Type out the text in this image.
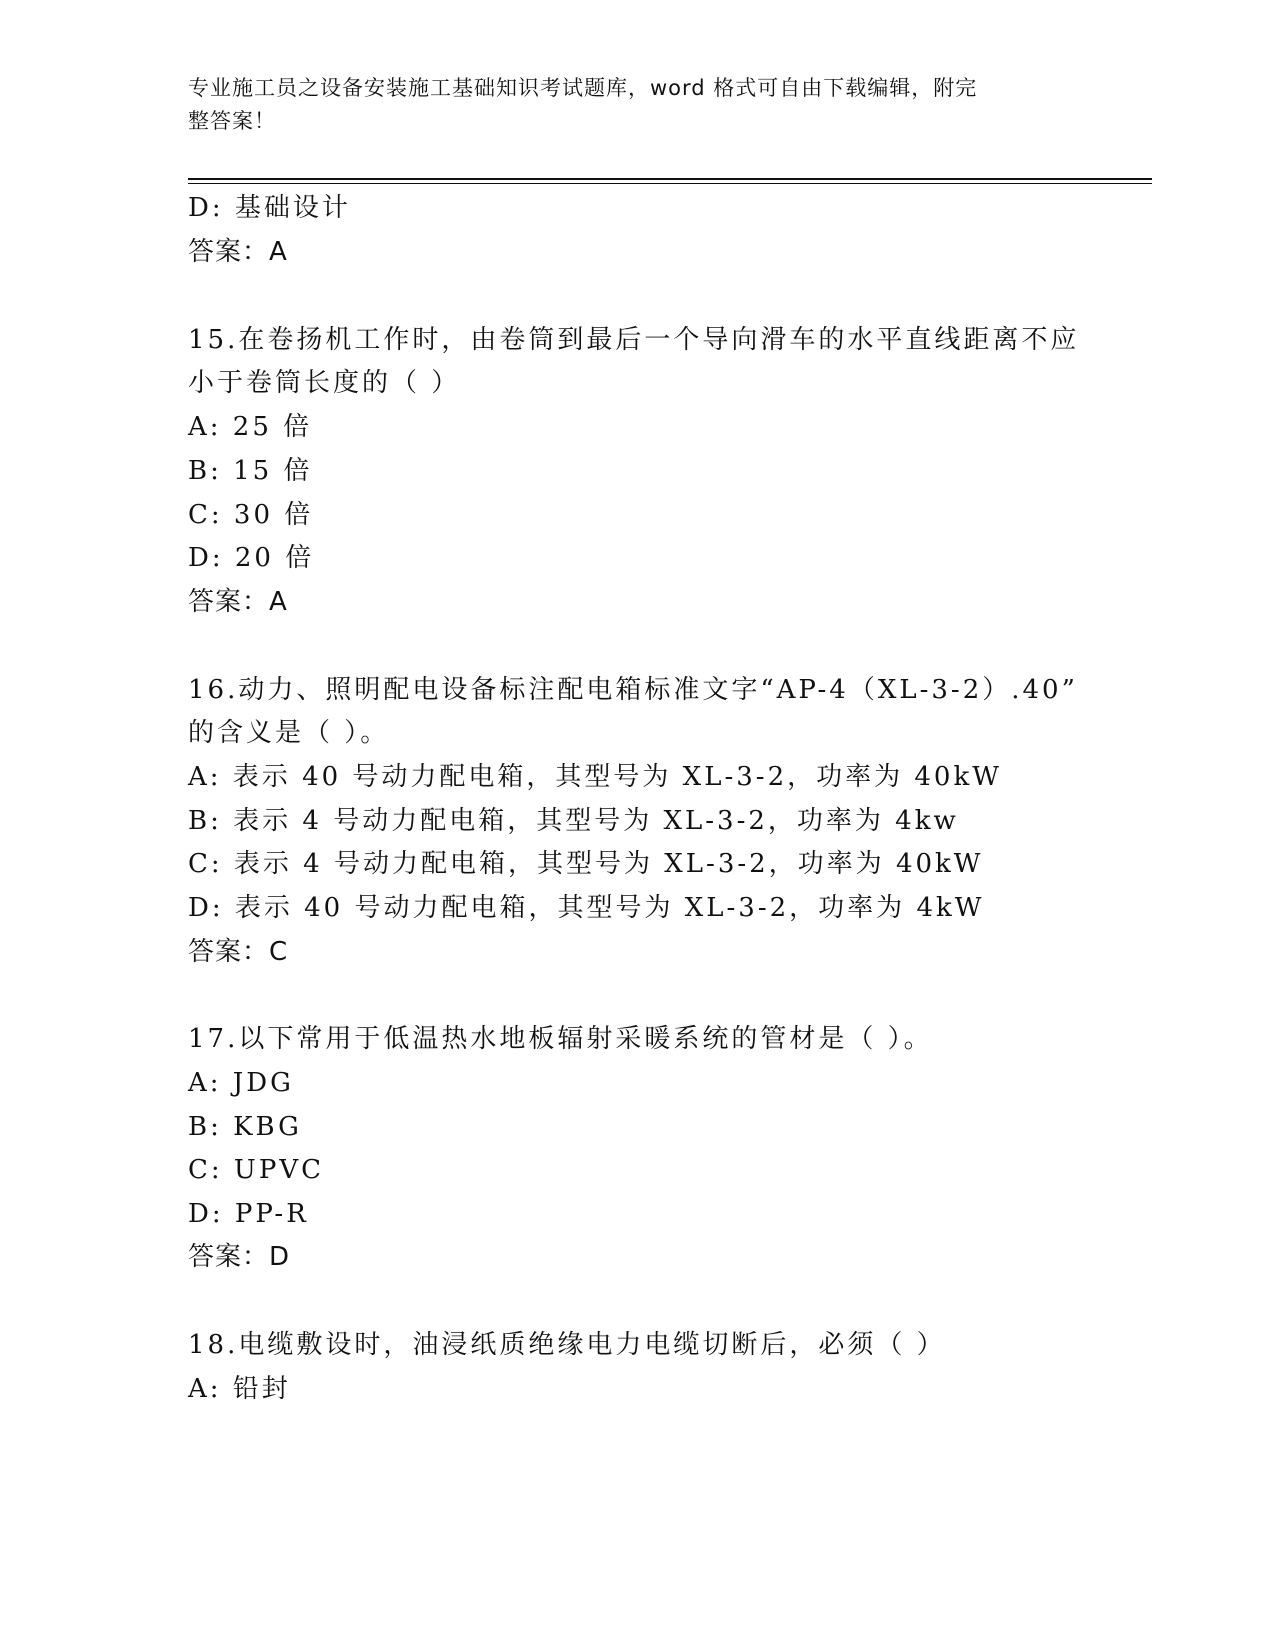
专业施工员之设备安装施工基础知识考试题库，word 格式可自由下载编辑，附完
整答案！
D: 基础设计
答案：A
15.在卷扬机工作时，由卷筒到最后一个导向滑车的水平直线距离不应
小于卷筒长度的（ ）
A: 25 倍
B: 15 倍
C: 30 倍
D: 20 倍
答案：A
16.动力、照明配电设备标注配电箱标准文字“AP-4（XL-3-2）.40”
的含义是（ ）。
A: 表示 40 号动力配电箱，其型号为 XL-3-2，功率为 40kW
B: 表示 4 号动力配电箱，其型号为 XL-3-2，功率为 4kw
C: 表示 4 号动力配电箱，其型号为 XL-3-2，功率为 40kW
D: 表示 40 号动力配电箱，其型号为 XL-3-2，功率为 4kW
答案：C
17.以下常用于低温热水地板辐射采暖系统的管材是（ ）。
A: JDG
B: KBG
C: UPVC
D: PP-R
答案：D
18.电缆敷设时，油浸纸质绝缘电力电缆切断后，必须（ ）
A: 铅封
